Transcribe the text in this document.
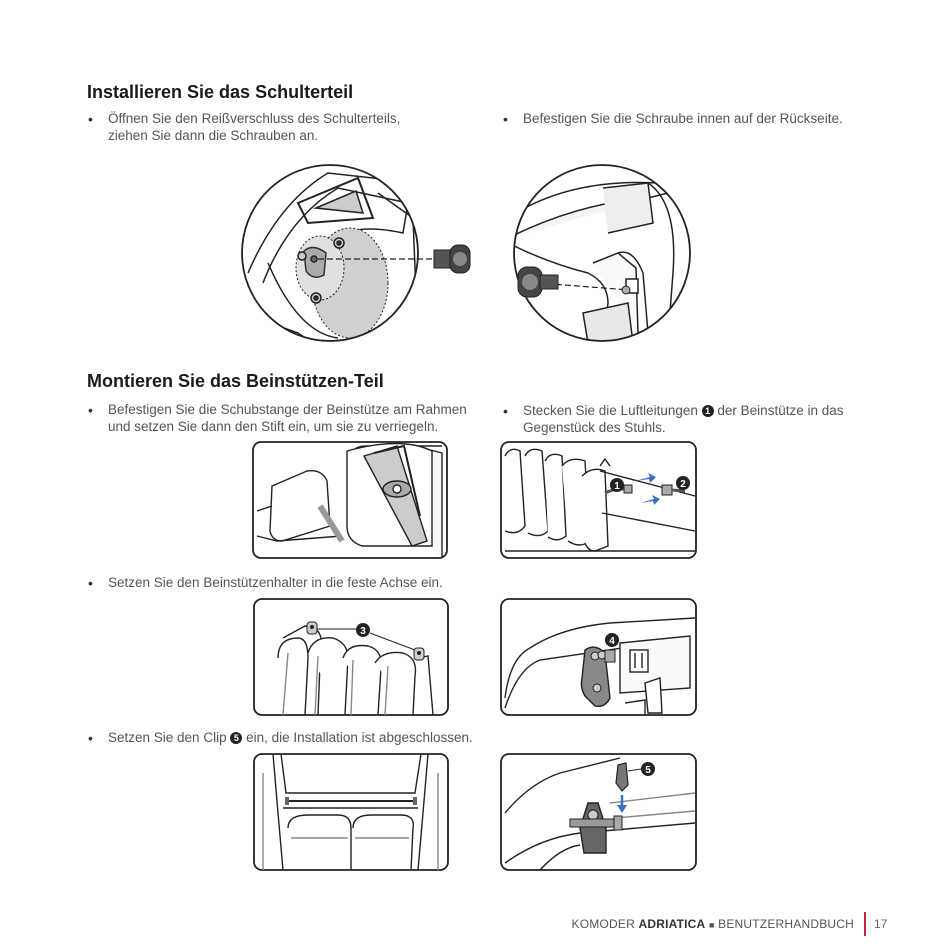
Installieren Sie das Schulterteil
• Öffnen Sie den Reißverschluss des Schulterteils, ziehen Sie dann die Schrauben an.
• Befestigen Sie die Schraube innen auf der Rückseite.
Montieren Sie das Beinstützen-Teil
• Befestigen Sie die Schubstange der Beinstütze am Rahmen und setzen Sie dann den Stift ein, um sie zu verriegeln.
• Stecken Sie die Luftleitungen 1 der Beinstütze in das Gegenstück des Stuhls.
1	2
• Setzen Sie den Beinstützenhalter in die feste Achse ein.
3
4
• Setzen Sie den Clip 5 ein, die Installation ist abgeschlossen.
5
KOMODER ADRIATICA ■ BENUTZERHANDBUCH 17
